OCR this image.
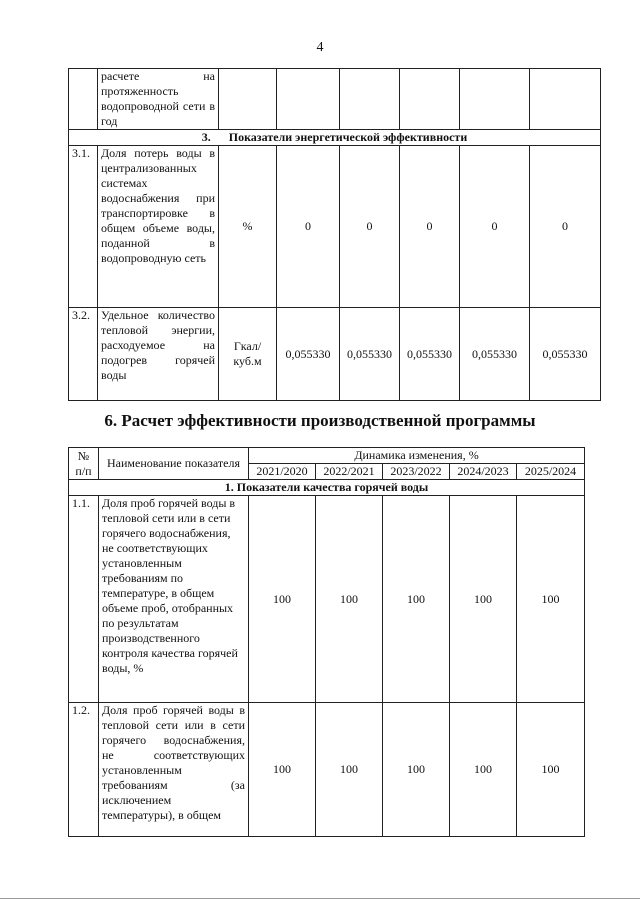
4
	расчете на протяженность водопроводной сети в год						
3. Показатели энергетической эффективности							
3.1.	Доля потерь воды в централизованных системах водоснабжения при транспортировке в общем объеме воды, поданной в водопроводную сеть	%	0	0	0	0	0
3.2.	Удельное количество тепловой энергии, расходуемое на подогрев горячей воды	Гкал/ куб.м	0,055330	0,055330	0,055330	0,055330	0,055330
6. Расчет эффективности производственной программы
№ п/п	Наименование показателя	Динамика изменения, %				
		2021/2020	2022/2021	2023/2022	2024/2023	2025/2024
1. Показатели качества горячей воды						
1.1.	Доля проб горячей воды в тепловой сети или в сети горячего водоснабжения, не соответствующих установленным требованиям по температуре, в общем объеме проб, отобранных по результатам производственного контроля качества горячей воды, %	100	100	100	100	100
1.2.	Доля проб горячей воды в тепловой сети или в сети горячего водоснабжения, не соответствующих установленным требованиям (за исключением температуры), в общем	100	100	100	100	100
